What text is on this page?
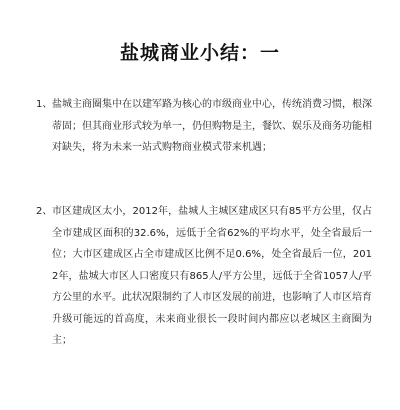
盐城商业小结：一

1、 盐城主商圈集中在以建军路为核心的市级商业中心，传统消费习惯，根深蒂固；但其商业形式较为单一，仍但购物是主，餐饮、娱乐及商务功能相对缺失，将为未来一站式购物商业模式带来机遇；

2、 市区建成区太小，2012年，盐城人主城区建成区只有85平方公里，仅占全市建成区面积的32.6%，远低于全省62%的平均水平，处全省最后一位；大市区建成区占全市建成区比例不足0.6%，处全省最后一位，2012年，盐城大市区人口密度只有865人/平方公里，远低于全省1057人/平方公里的水平。此状况限制约了人市区发展的前进，也影响了人市区培育升级可能远的首高度，未来商业很长一段时间内都应以老城区主商圈为主；
